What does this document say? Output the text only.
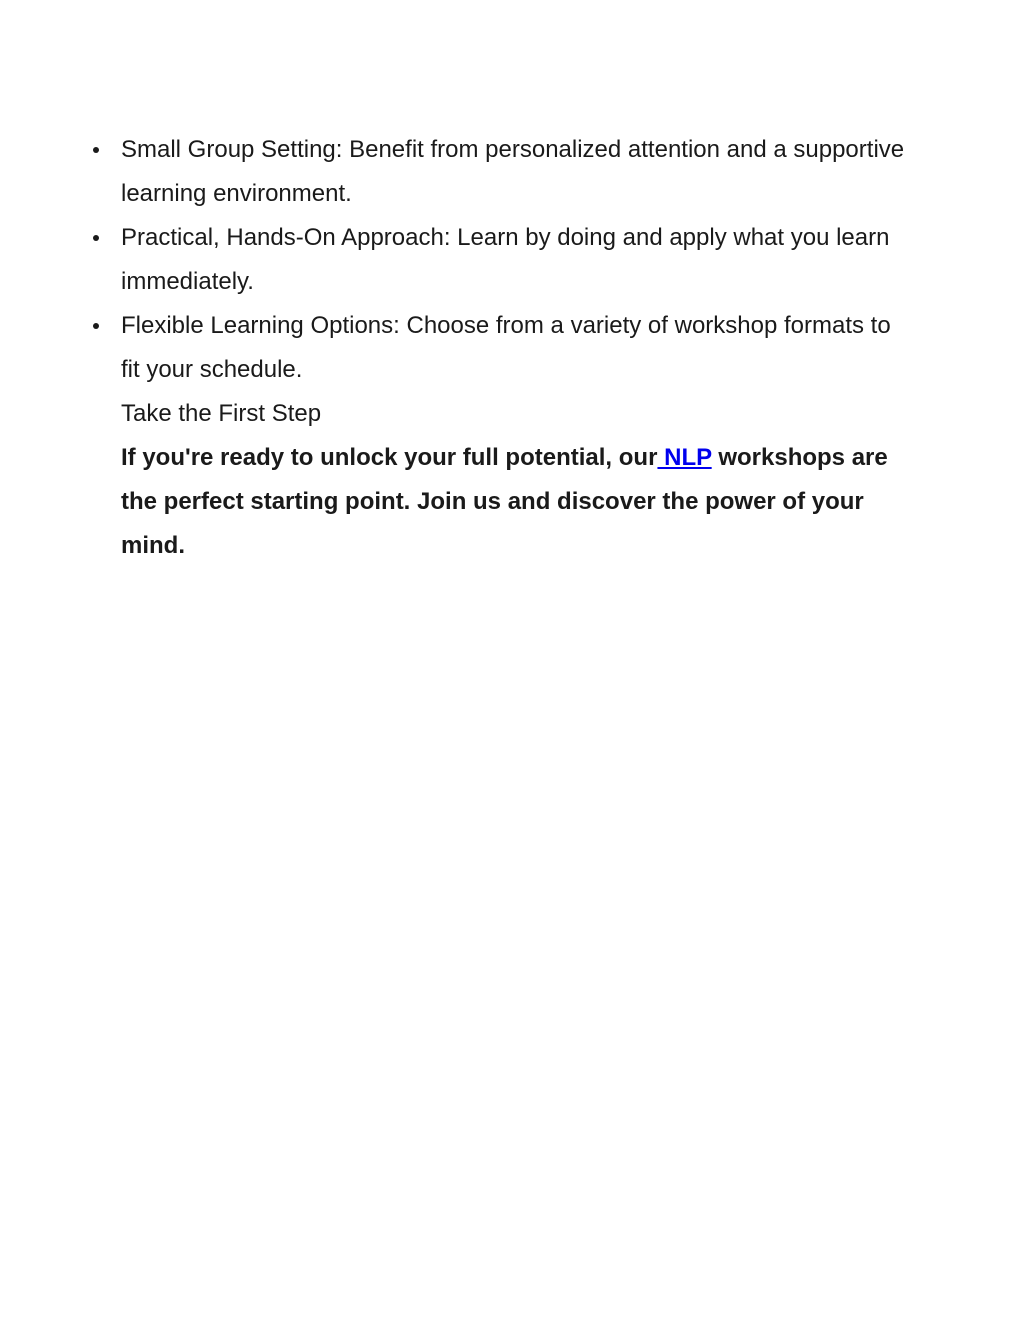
Small Group Setting: Benefit from personalized attention and a supportive learning environment.
Practical, Hands-On Approach: Learn by doing and apply what you learn immediately.
Flexible Learning Options: Choose from a variety of workshop formats to fit your schedule.

Take the First Step

If you're ready to unlock your full potential, our NLP workshops are the perfect starting point. Join us and discover the power of your mind.
